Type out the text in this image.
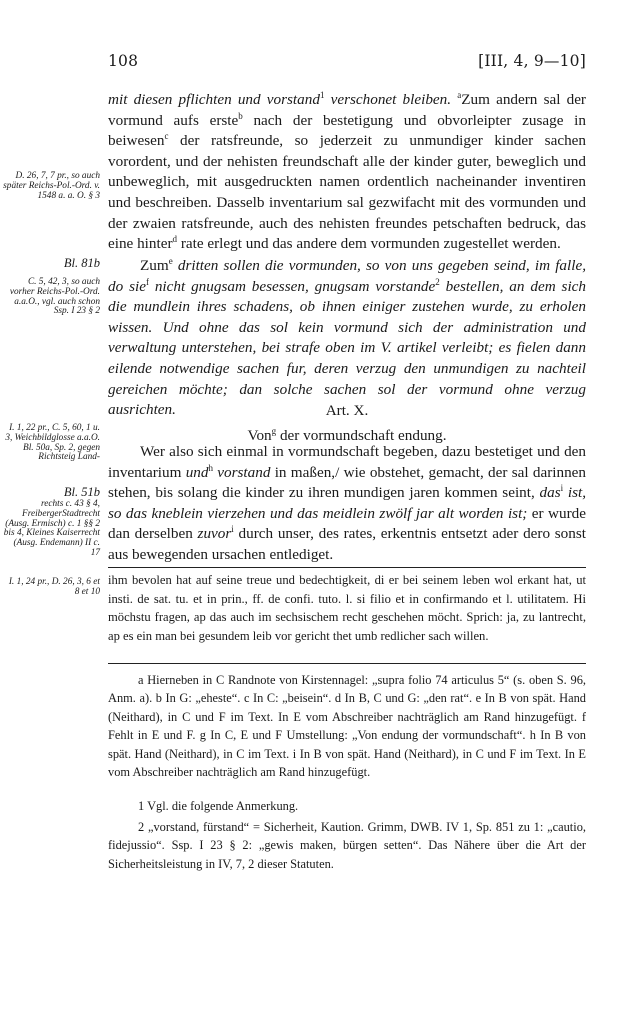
108	[III, 4, 9—10]

mit diesen pflichten und vorstand$^1$ verschonet bleiben. $^a$Zum andern sal der vormund aufs erste$^b$ nach der bestetigung und obvorleipter zusage in beiwesen$^c$ der ratsfreunde, so jederzeit zu unmundiger kinder sachen vorordent, und der nehisten freundschaft alle der kinder guter, beweglich und unbeweglich, mit ausgedruckten namen ordentlich nacheinander inventiren und beschreiben. Dasselb inventarium sal gezwifacht mit des vormunden und der zwaien ratsfreunde, auch des nehisten freundes petschaften bedruck, das eine hinter$^d$ rate erlegt und das andere dem vormunden zugestellet werden.

D. 26, 7, 7 pr., so auch später Reichs-Pol.-Ord. v. 1548 a. a. O. § 3
Bl. 81b	Zum$^e$ dritten sollen die vormunden, so von uns gegeben seind, im falle, do sie$^f$ nicht gnugsam besessen, gnugsam vorstande$^2$ bestellen, an dem sich die mundlein ihres schadens, ob ihnen einiger zustehen wurde, zu erholen wissen. Und ohne das sol kein vormund sich der administration und verwaltung unterstehen, bei strafe oben im V. artikel verleibt; es fielen dann eilende notwendige sachen fur, deren verzug den unmundigen zu nachteil gereichen möchte; dan solche sachen sol der vormund ohne verzug ausrichten.

C. 5, 42, 3, so auch vorher Reichs-Pol.-Ord. a.a.O., vgl. auch schon Ssp. I 23 § 2
Art. X.
Von$^g$ der vormundschaft endung.
I. 1, 22 pr., C. 5, 60, 1 u. 3, Weichbildglosse a.a.O. Bl. 50a, Sp. 2, gegen Richtsteig Land-	Wer also sich einmal in vormundschaft begeben, dazu bestetiget und den inventarium und$^h$ vorstand in maßen,/ wie obstehet, gemacht, der sal darinnen stehen, bis solang die kinder zu ihren mundigen jaren kommen seint, das$^i$ ist, so das kneblein vierzehen und das meidlein zwölf jar alt worden ist; er wurde dan derselben zuvor$^i$ durch unser, des rates, erkentnis entsetzt ader dero sonst aus bewegenden ursachen entlediget.

Bl. 51b
rechts c. 43 § 4, FreibergerStadtrecht (Ausg. Ermisch) c. 1 §§ 2 bis 4, Kleines Kaiserrecht (Ausg. Endemann) II c. 17
I. 1, 24 pr., D. 26, 3, 6 et 8 et 10

ihm bevolen hat auf seine treue und bedechtigkeit, di er bei seinem leben wol erkant hat, ut insti. de sat. tu. et in prin., ff. de confi. tuto. l. si filio et in confirmando et l. utilitatem. Hi möchstu fragen, ap das auch im sechsischem recht geschehen möcht. Sprich: ja, zu lantrecht, ap es ein man bei gesundem leib vor gericht thet umb redlicher sach willen.

a Hierneben in C Randnote von Kirstennagel: „supra folio 74 articulus 5“ (s. oben S. 96, Anm. a). b In G: „eheste“. c In C: „beisein“. d In B, C und G: „den rat“. e In B von spät. Hand (Neithard), in C und F im Text. In E vom Abschreiber nachträglich am Rand hinzugefügt. f Fehlt in E und F. g In C, E und F Umstellung: „Von endung der vormundschaft“. h In B von spät. Hand (Neithard), in C im Text. i In B von spät. Hand (Neithard), in C und F im Text. In E vom Abschreiber nachträglich am Rand hinzugefügt.

1 Vgl. die folgende Anmerkung.

2 „vorstand, fürstand“ = Sicherheit, Kaution. Grimm, DWB. IV 1, Sp. 851 zu 1: „cautio, fidejussio“. Ssp. I 23 § 2: „gewis maken, bürgen setten“. Das Nähere über die Art der Sicherheitsleistung in IV, 7, 2 dieser Statuten.
